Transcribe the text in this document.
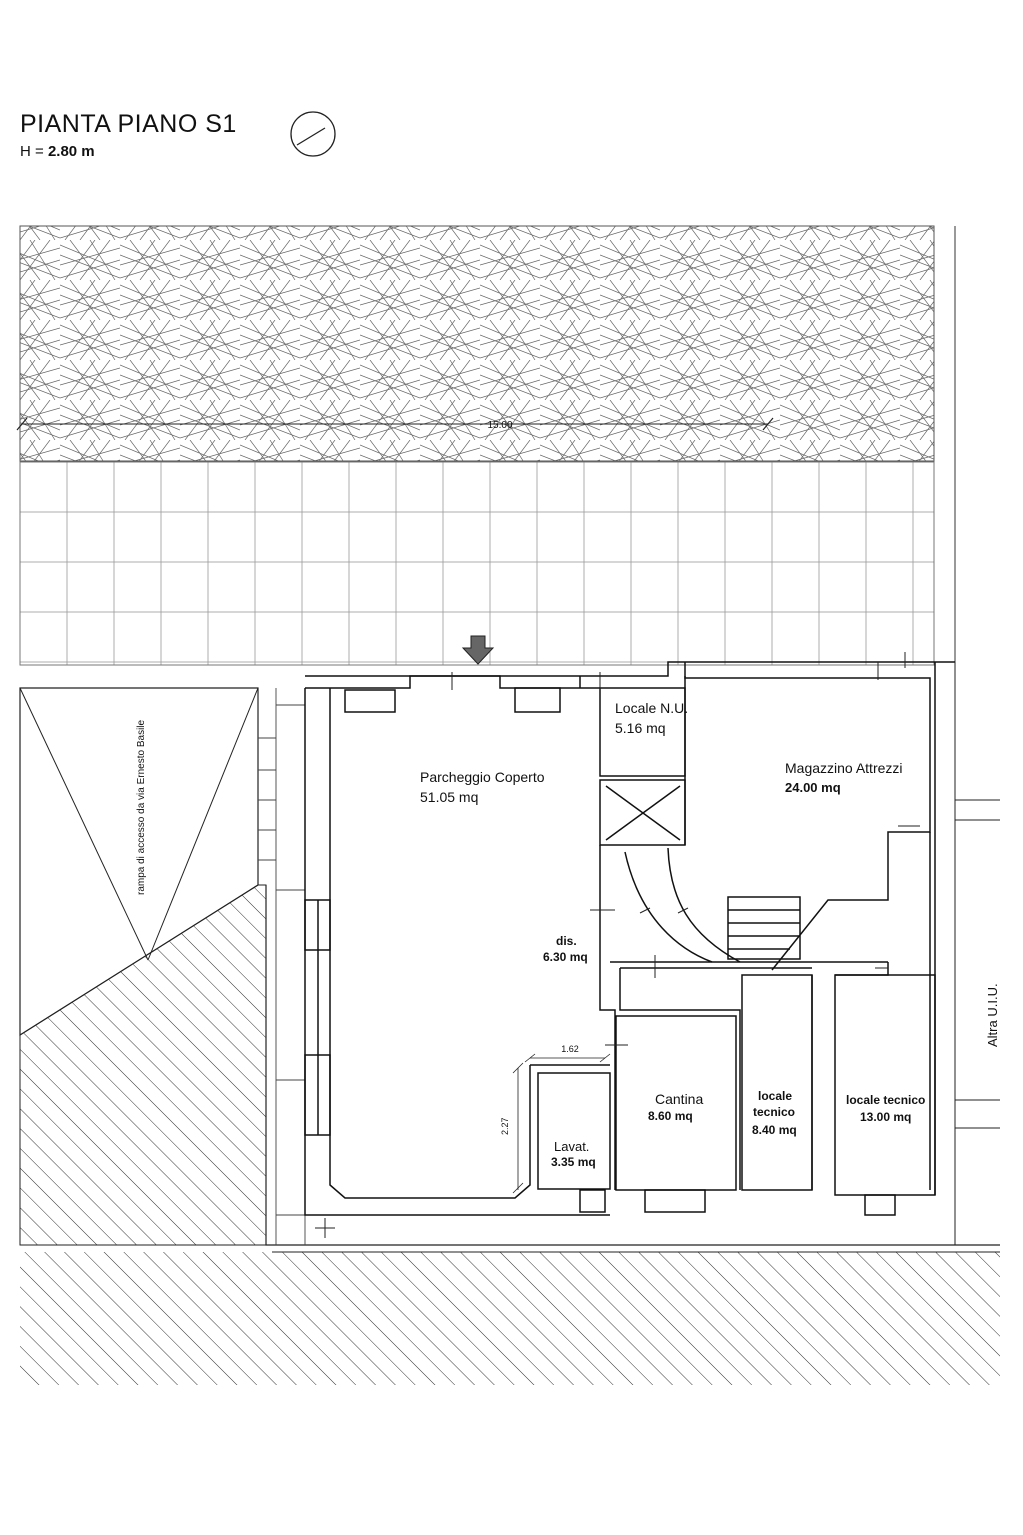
PIANTA PIANO S1
H = 2.80 m
15.00
rampa di accesso da via Ernesto Basile
1.62
2.27
Parcheggio Coperto
51.05 mq
Locale N.U.
5.16 mq
Magazzino Attrezzi
24.00 mq
dis.
6.30 mq
Cantina
8.60 mq
Lavat.
3.35 mq
locale
tecnico
8.40 mq
locale tecnico
13.00 mq
Altra U.I.U.
